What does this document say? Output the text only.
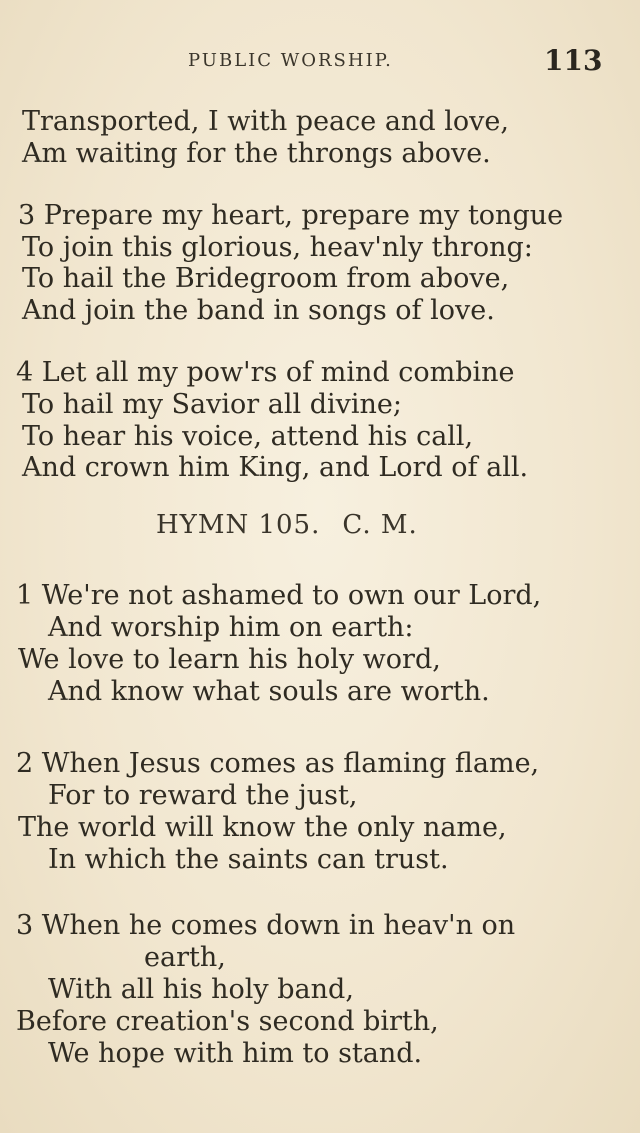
PUBLIC WORSHIP.	113
Transported, I with peace and love,
Am waiting for the throngs above.
3 Prepare my heart, prepare my tongue
To join this glorious, heav'nly throng:
To hail the Bridegroom from above,
And join the band in songs of love.
4 Let all my pow'rs of mind combine
To hail my Savior all divine;
To hear his voice, attend his call,
And crown him King, and Lord of all.
HYMN 105. C. M.
1 We're not ashamed to own our Lord,
And worship him on earth:
We love to learn his holy word,
And know what souls are worth.
2 When Jesus comes as flaming flame,
For to reward the just,
The world will know the only name,
In which the saints can trust.
3 When he comes down in heav'n on
earth,
With all his holy band,
Before creation's second birth,
We hope with him to stand.
